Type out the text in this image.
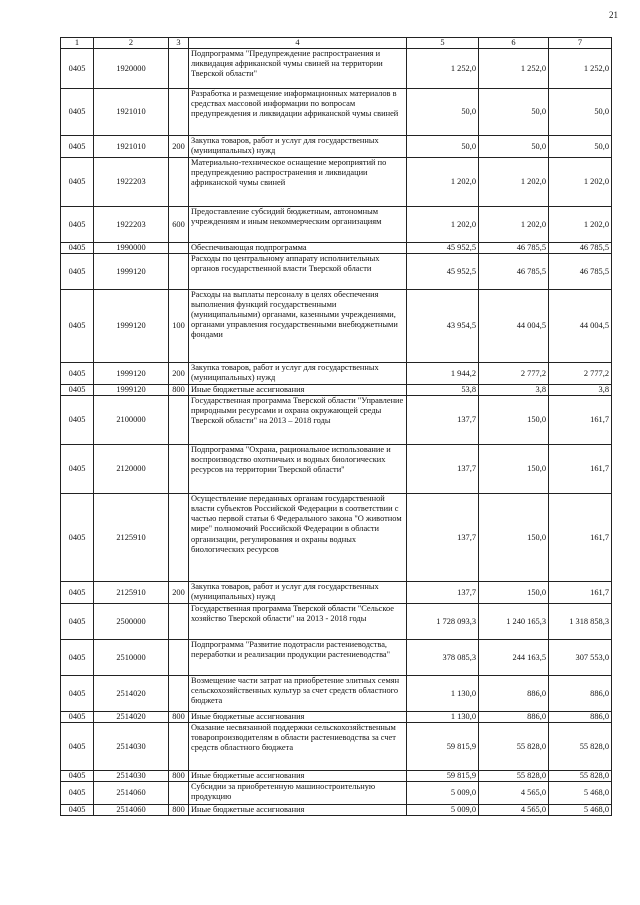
21
1	2	3	4	5	6	7
0405	1920000		Подпрограмма "Предупреждение распространения и ликвидация африканской чумы свиней на территории Тверской области"	1 252,0	1 252,0	1 252,0
0405	1921010		Разработка и размещение информационных материалов в средствах массовой информации по вопросам предупреждения и ликвидации африканской чумы свиней	50,0	50,0	50,0
0405	1921010	200	Закупка товаров, работ и услуг для государственных (муниципальных) нужд	50,0	50,0	50,0
0405	1922203		Материально-техническое оснащение мероприятий по предупреждению распространения и ликвидации африканской чумы свиней	1 202,0	1 202,0	1 202,0
0405	1922203	600	Предоставление субсидий бюджетным, автономным учреждениям и иным некоммерческим организациям	1 202,0	1 202,0	1 202,0
0405	1990000		Обеспечивающая подпрограмма	45 952,5	46 785,5	46 785,5
0405	1999120		Расходы по центральному аппарату исполнительных органов государственной власти Тверской области	45 952,5	46 785,5	46 785,5
0405	1999120	100	Расходы на выплаты персоналу в целях обеспечения выполнения функций государственными (муниципальными) органами, казенными учреждениями, органами управления государственными внебюджетными фондами	43 954,5	44 004,5	44 004,5
0405	1999120	200	Закупка товаров, работ и услуг для государственных (муниципальных) нужд	1 944,2	2 777,2	2 777,2
0405	1999120	800	Иные бюджетные ассигнования	53,8	3,8	3,8
0405	2100000		Государственная программа Тверской области "Управление природными ресурсами и охрана окружающей среды Тверской области" на 2013 – 2018 годы	137,7	150,0	161,7
0405	2120000		Подпрограмма "Охрана, рациональное использование и воспроизводство охотничьих и водных биологических ресурсов на территории Тверской области"	137,7	150,0	161,7
0405	2125910		Осуществление переданных органам государственной власти субъектов Российской Федерации в соответствии с частью первой статьи 6 Федерального закона "О животном мире" полномочий Российской Федерации в области организации, регулирования и охраны водных биологических ресурсов	137,7	150,0	161,7
0405	2125910	200	Закупка товаров, работ и услуг для государственных (муниципальных) нужд	137,7	150,0	161,7
0405	2500000		Государственная программа Тверской области "Сельское хозяйство Тверской области" на 2013 - 2018 годы	1 728 093,3	1 240 165,3	1 318 858,3
0405	2510000		Подпрограмма "Развитие подотрасли растениеводства, переработки и реализации продукции растениеводства"	378 085,3	244 163,5	307 553,0
0405	2514020		Возмещение части затрат на приобретение элитных семян сельскохозяйственных культур за счет средств областного бюджета	1 130,0	886,0	886,0
0405	2514020	800	Иные бюджетные ассигнования	1 130,0	886,0	886,0
0405	2514030		Оказание несвязанной поддержки сельскохозяйственным товаропроизводителям в области растениеводства за счет средств областного бюджета	59 815,9	55 828,0	55 828,0
0405	2514030	800	Иные бюджетные ассигнования	59 815,9	55 828,0	55 828,0
0405	2514060		Субсидии за приобретенную машиностроительную продукцию	5 009,0	4 565,0	5 468,0
0405	2514060	800	Иные бюджетные ассигнования	5 009,0	4 565,0	5 468,0
